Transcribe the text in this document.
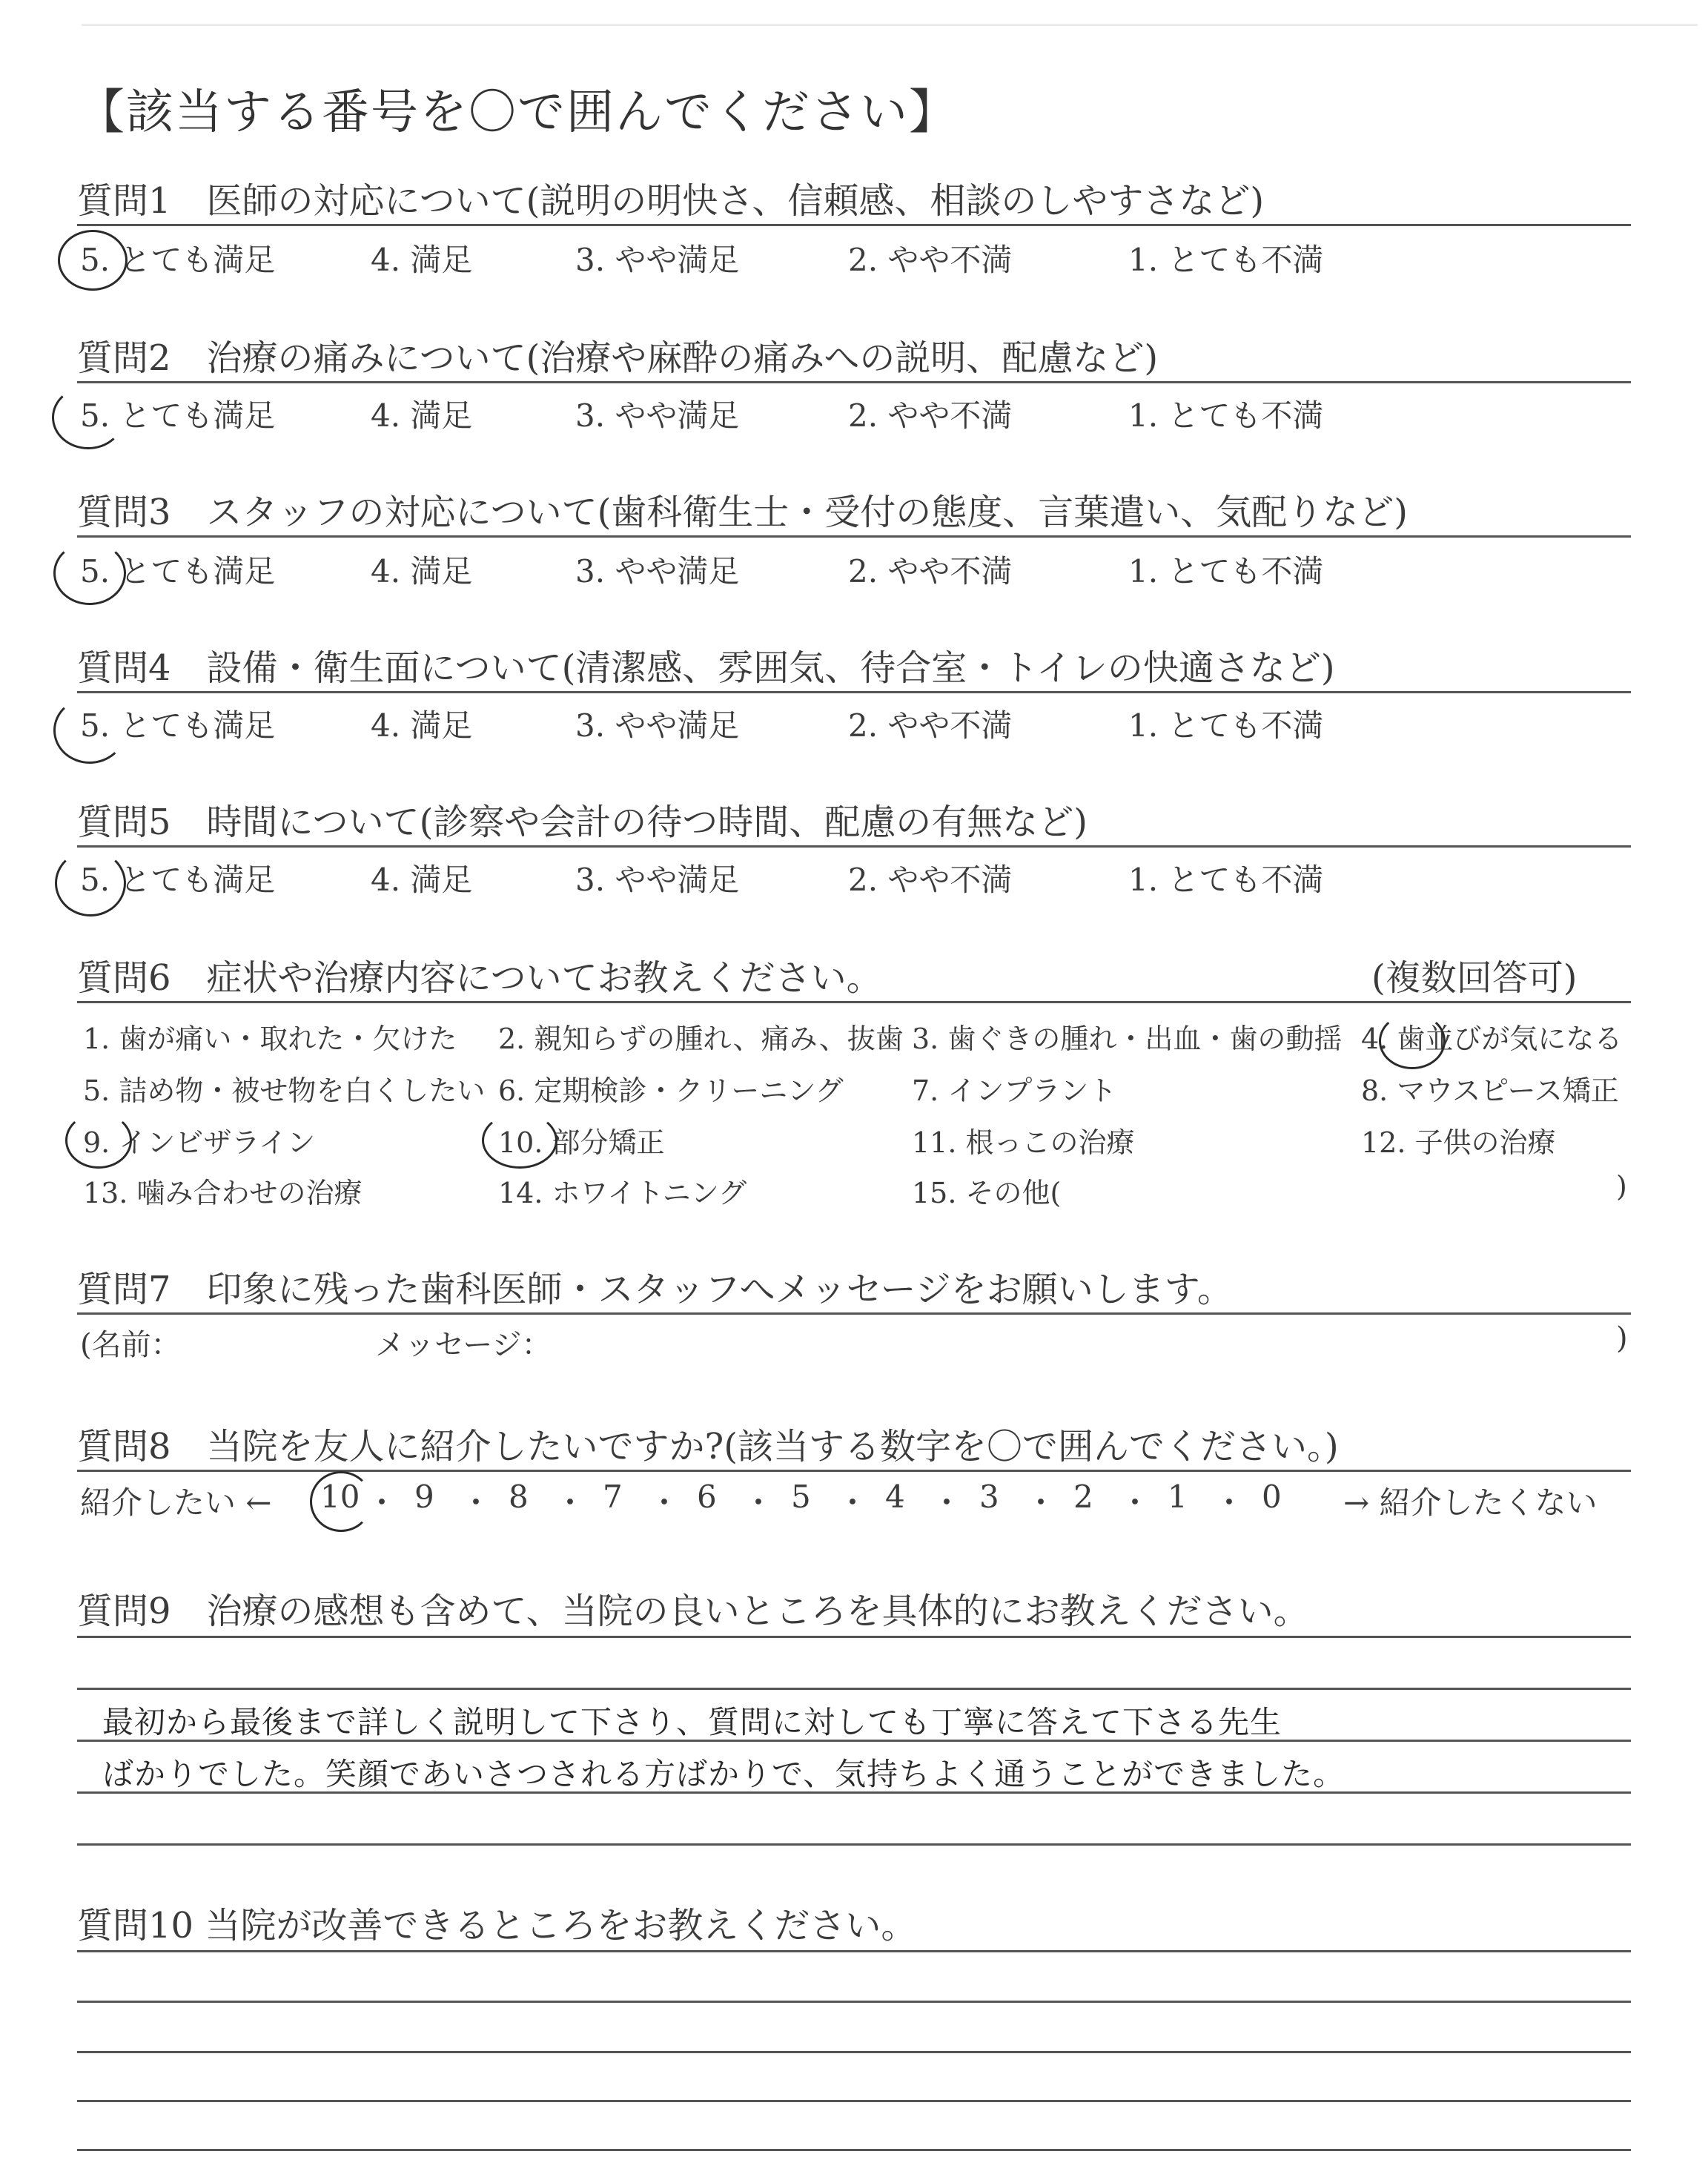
【該当する番号を〇で囲んでください】
質問1　医師の対応について(説明の明快さ、信頼感、相談のしやすさなど)
5. とても満足	4. 満足	3. やや満足	2. やや不満	1. とても不満
質問2　治療の痛みについて(治療や麻酔の痛みへの説明、配慮など)
5. とても満足	4. 満足	3. やや満足	2. やや不満	1. とても不満
質問3　スタッフの対応について(歯科衛生士・受付の態度、言葉遣い、気配りなど)
5. とても満足	4. 満足	3. やや満足	2. やや不満	1. とても不満
質問4　設備・衛生面について(清潔感、雰囲気、待合室・トイレの快適さなど)
5. とても満足	4. 満足	3. やや満足	2. やや不満	1. とても不満
質問5　時間について(診察や会計の待つ時間、配慮の有無など)
5. とても満足	4. 満足	3. やや満足	2. やや不満	1. とても不満
質問6　症状や治療内容についてお教えください。	(複数回答可)
1. 歯が痛い・取れた・欠けた 2. 親知らずの腫れ、痛み、抜歯 3. 歯ぐきの腫れ・出血・歯の動揺 4. 歯並びが気になる
5. 詰め物・被せ物を白くしたい 6. 定期検診・クリーニング 7. インプラント	8. マウスピース矯正
9. インビザライン	10. 部分矯正	11. 根っこの治療	12. 子供の治療
13. 噛み合わせの治療	14. ホワイトニング	15. その他(	)
質問7　印象に残った歯科医師・スタッフへメッセージをお願いします。
(名前：	メッセージ：	)
質問8　当院を友人に紹介したいですか?(該当する数字を〇で囲んでください。)
紹介したい ← 10 ・ 9 ・ 8 ・ 7 ・ 6 ・ 5 ・ 4 ・ 3 ・ 2 ・ 1 ・ 0 → 紹介したくない
質問9　治療の感想も含めて、当院の良いところを具体的にお教えください。
最初から最後まで詳しく説明して下さり、質問に対しても丁寧に答えて下さる先生
ばかりでした。笑顔であいさつされる方ばかりで、気持ちよく通うことができました。
質問10 当院が改善できるところをお教えください。
